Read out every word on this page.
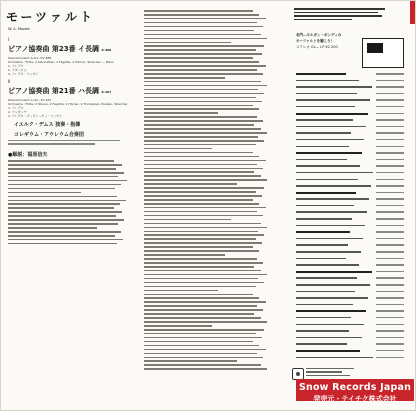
モーツァルト
W. A. Mozart
Ⅰ
ピアノ協奏曲 第23番 イ長調 K.488
Klavierkonzert A-dur, KV 488
Orchestra : Flöte, 2 Klarinetten, 2 Fagotte, 2 Hörner, Streicher — Piano
1. アレグロ
2. アダージョ
3. アレグロ・アッサイ
Ⅱ
ピアノ協奏曲 第21番 ハ長調 K.467
Klavierkonzert C-dur, KV 467
Orchestra : Flöte, 2 Oboen, 2 Fagotte, 2 Hörner, 2 Trompeten, Pauken, Streicher
1. アレグロ
2. アンダンテ
3. アレグロ・ヴィヴァーチェ・アッサイ
イエルク・デムス 独奏・指揮
コレギウム・アウレウム合奏団
●解説：福原信夫
名門…モルガン・ポンディの
モーツァルトを聴こう！
ステレオ GL— LP ¥2,200
Snow Records Japan
発売元・テイチク株式会社
